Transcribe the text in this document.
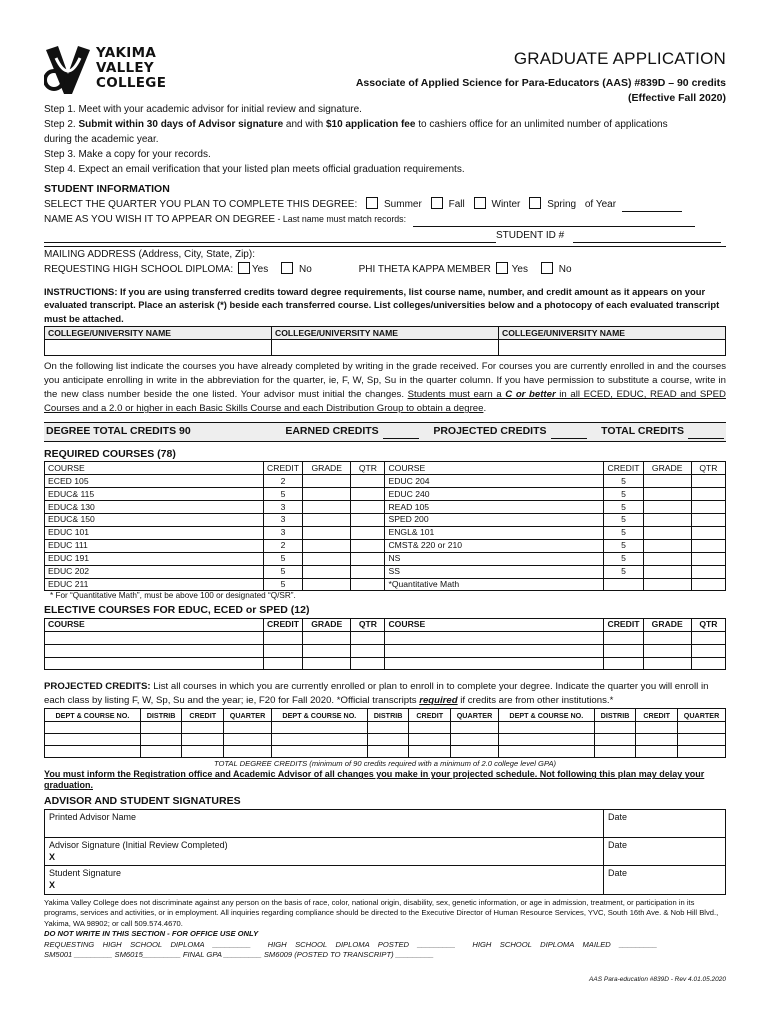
YAKIMA
VALLEY
COLLEGE
GRADUATE APPLICATION
Associate of Applied Science for Para-Educators (AAS) #839D – 90 credits
(Effective Fall 2020)
Step 1. Meet with your academic advisor for initial review and signature.
Step 2. Submit within 30 days of Advisor signature and with $10 application fee to cashiers office for an unlimited number of applications
during the academic year.
Step 3. Make a copy for your records.
Step 4. Expect an email verification that your listed plan meets official graduation requirements.
STUDENT INFORMATION
SELECT THE QUARTER YOU PLAN TO COMPLETE THIS DEGREE:	Summer	Fall	Winter	Spring of Year
NAME AS YOU WISH IT TO APPEAR ON DEGREE - Last name must match records:
STUDENT ID #
MAILING ADDRESS (Address, City, State, Zip):
REQUESTING HIGH SCHOOL DIPLOMA: Yes	No	PHI THETA KAPPA MEMBER Yes	No
INSTRUCTIONS: If you are using transferred credits toward degree requirements, list course name, number, and credit amount as it appears on your evaluated transcript. Place an asterisk (*) beside each transferred course. List colleges/universities below and a photocopy of each evaluated transcript must be attached.
COLLEGE/UNIVERSITY NAME	COLLEGE/UNIVERSITY NAME	COLLEGE/UNIVERSITY NAME

On the following list indicate the courses you have already completed by writing in the grade received. For courses you are currently enrolled in and the courses you anticipate enrolling in write in the abbreviation for the quarter, ie, F, W, Sp, Su in the quarter column. If you have permission to substitute a course, write in the new class number beside the one listed. Your advisor must initial the changes. Students must earn a C or better in all ECED, EDUC, READ and SPED Courses and a 2.0 or higher in each Basic Skills Course and each Distribution Group to obtain a degree.
DEGREE TOTAL CREDITS 90	EARNED CREDITS	PROJECTED CREDITS	TOTAL CREDITS
REQUIRED COURSES (78)
COURSE	CREDIT	GRADE	QTR	COURSE	CREDIT	GRADE	QTR
ECED 105	2			EDUC 204	5		
EDUC& 115	5			EDUC 240	5		
EDUC& 130	3			READ 105	5		
EDUC& 150	3			SPED 200	5		
EDUC 101	3			ENGL& 101	5		
EDUC 111	2			CMST& 220 or 210	5		
EDUC 191	5			NS	5		
EDUC 202	5			SS	5		
EDUC 211	5			*Quantitative Math			
* For “Quantitative Math”, must be above 100 or designated “Q/SR”.
ELECTIVE COURSES FOR EDUC, ECED or SPED (12)
COURSE	CREDIT	GRADE	QTR	COURSE	CREDIT	GRADE	QTR

PROJECTED CREDITS: List all courses in which you are currently enrolled or plan to enroll in to complete your degree. Indicate the quarter you will enroll in each class by listing F, W, Sp, Su and the year; ie, F20 for Fall 2020. *Official transcripts required if credits are from other institutions.*
DEPT & COURSE NO.	DISTRIB	CREDIT	QUARTER	DEPT & COURSE NO.	DISTRIB	CREDIT	QUARTER	DEPT & COURSE NO.	DISTRIB	CREDIT	QUARTER

TOTAL DEGREE CREDITS (minimum of 90 credits required with a minimum of 2.0 college level GPA)
You must inform the Registration office and Academic Advisor of all changes you make in your projected schedule. Not following this plan may delay your graduation.
ADVISOR AND STUDENT SIGNATURES
Printed Advisor Name	Date

Advisor Signature (Initial Review Completed)
X	Date

Student Signature
X	Date
Yakima Valley College does not discriminate against any person on the basis of race, color, national origin, disability, sex, genetic information, or age in admission, treatment, or participation in its programs, services and activities, or in employment. All inquiries regarding compliance should be directed to the Executive Director of Human Resource Services, YVC, South 16th Ave. & Nob Hill Blvd., Yakima, WA 98902; or call 509.574.4670.
DO NOT WRITE IN THIS SECTION - FOR OFFICE USE ONLY
REQUESTING    HIGH    SCHOOL    DIPLOMA    _________        HIGH    SCHOOL    DIPLOMA    POSTED    _________        HIGH    SCHOOL    DIPLOMA    MAILED    _________
SM5001 _________ SM6015_________ FINAL GPA _________ SM6009 (POSTED TO TRANSCRIPT) _________
AAS Para-education #839D - Rev 4.01.05.2020
